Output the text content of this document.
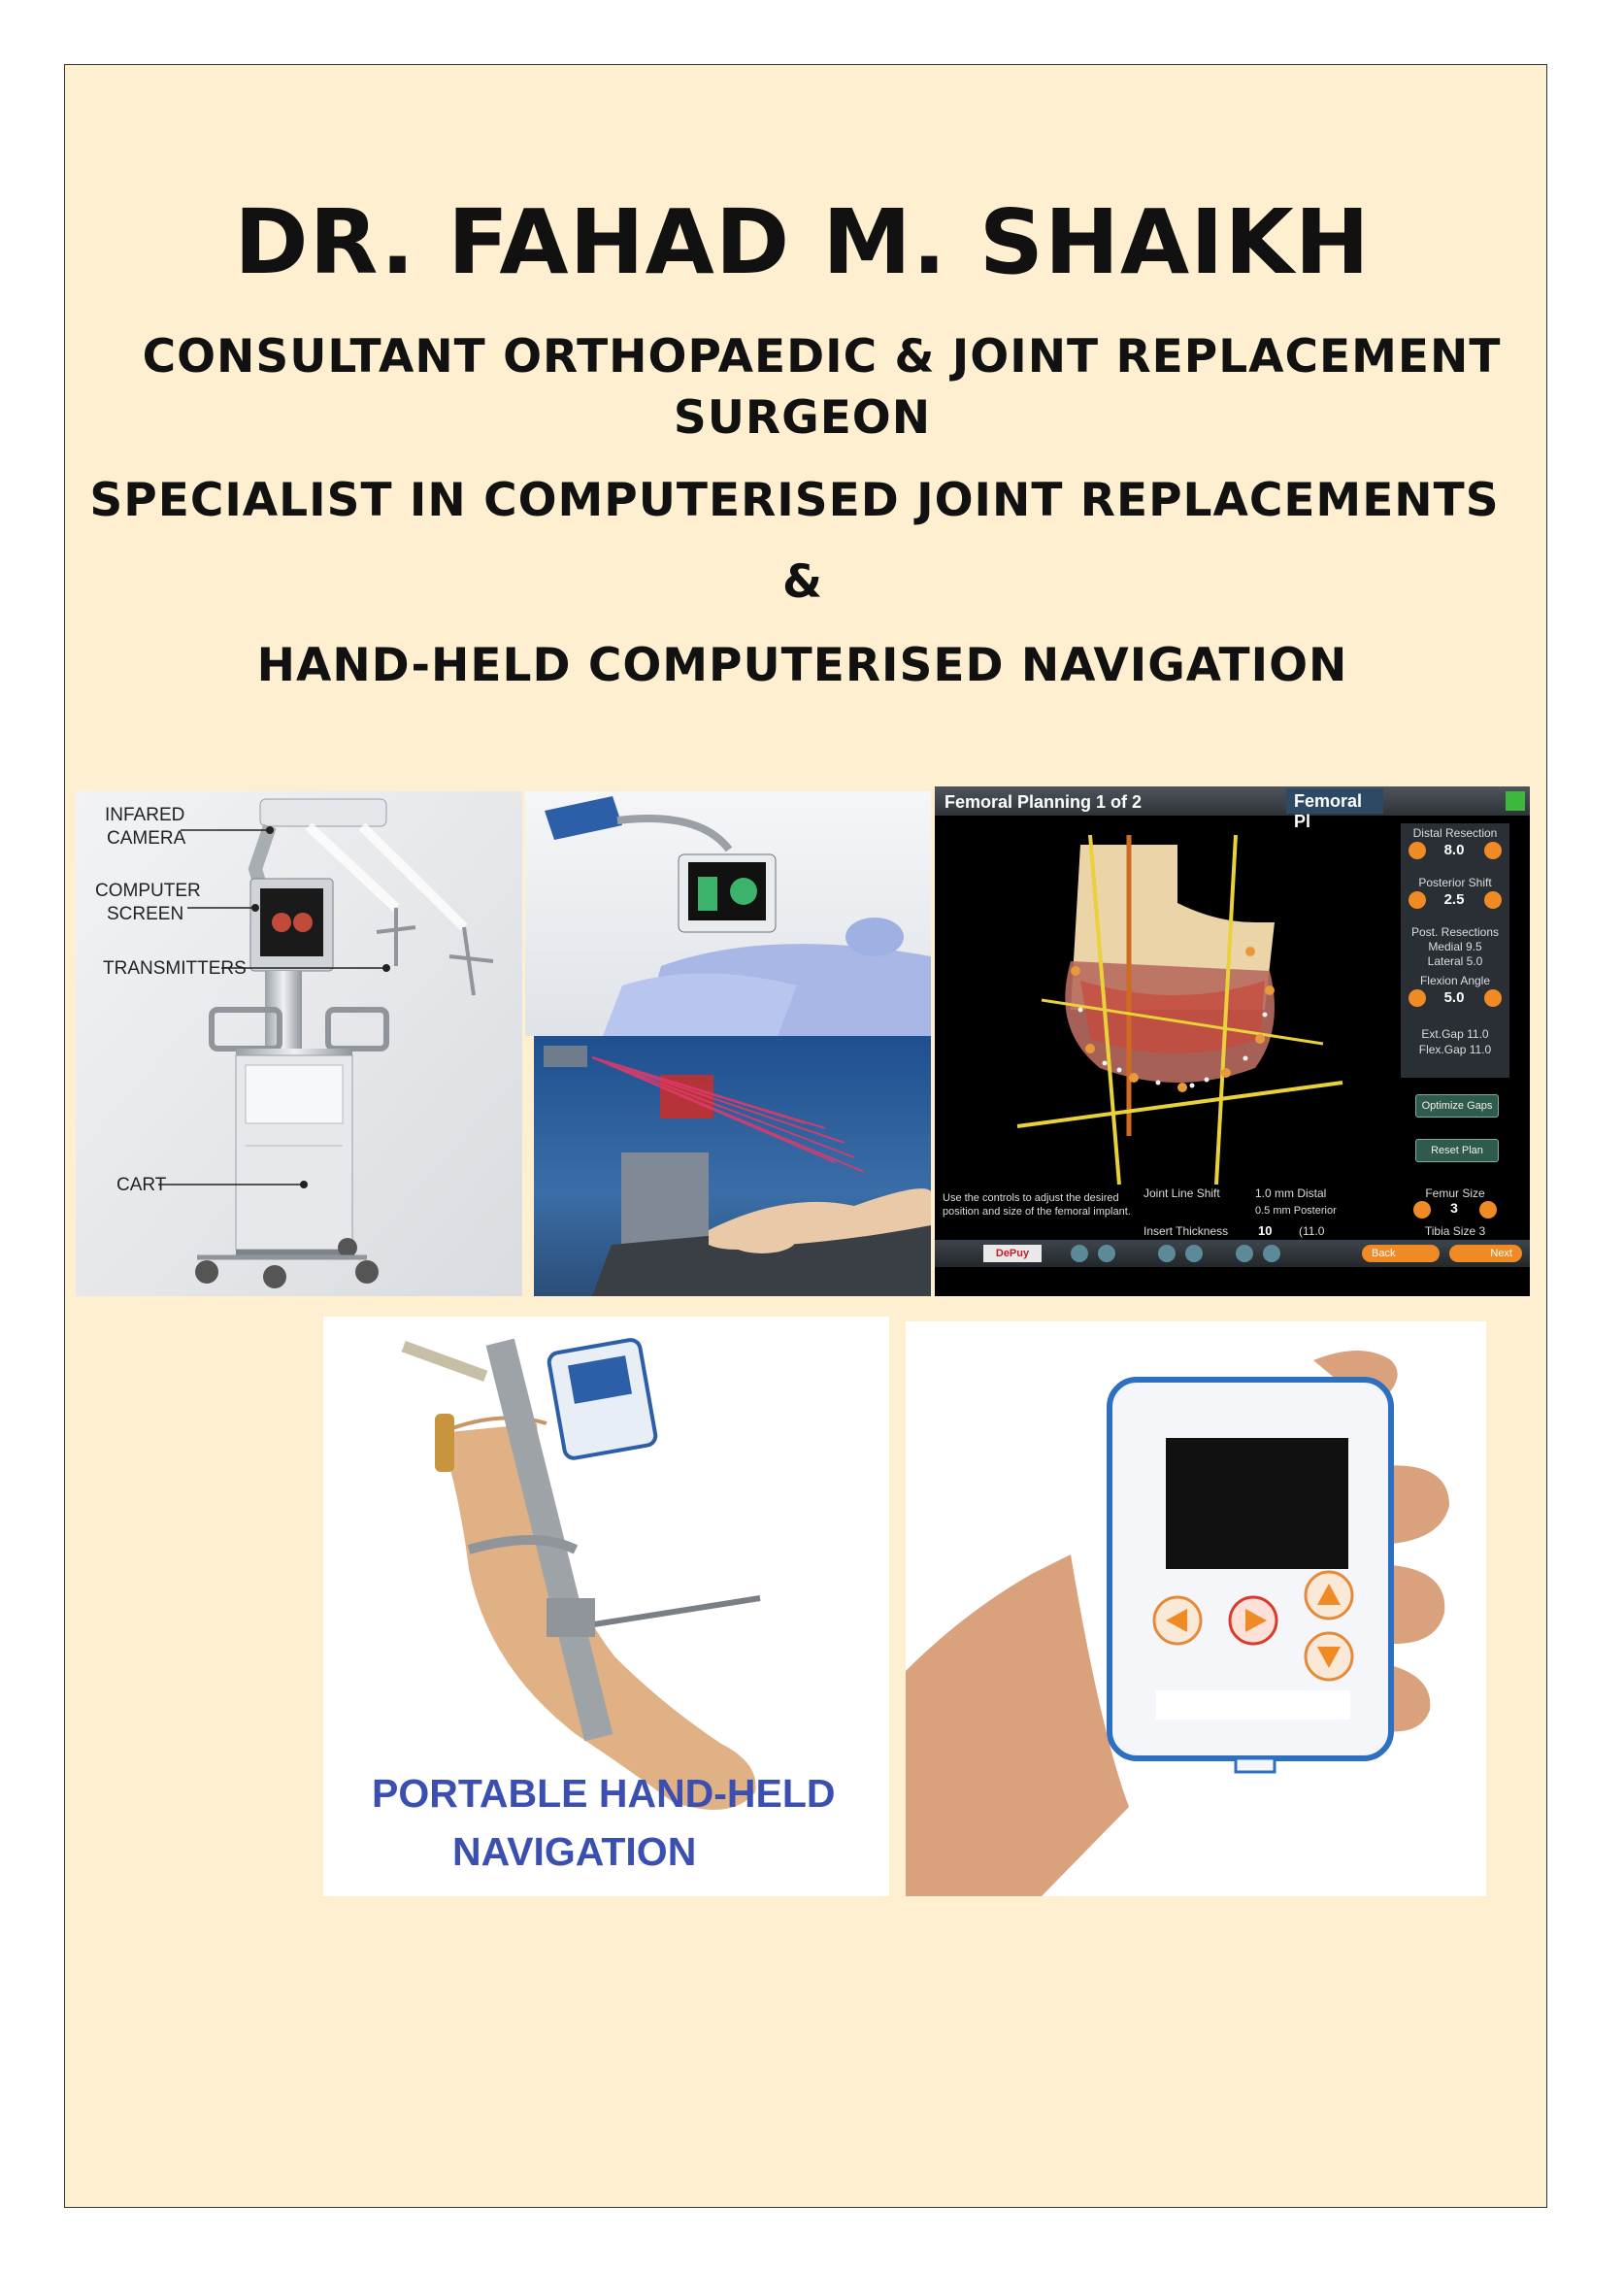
DR. FAHAD M. SHAIKH
CONSULTANT ORTHOPAEDIC & JOINT REPLACEMENT
SURGEON
SPECIALIST IN COMPUTERISED JOINT REPLACEMENTS
&
HAND-HELD COMPUTERISED NAVIGATION
INFARED
CAMERA
COMPUTER
SCREEN
TRANSMITTERS
CART
Femoral Planning 1 of 2	Femoral Pl
Distal Resection
8.0
Posterior Shift
2.5
Post. Resections
Medial 9.5
Lateral 5.0
Flexion Angle
5.0
Ext.Gap 11.0
Flex.Gap 11.0
Optimize Gaps
Reset Plan
Use the controls to adjust the desired
position and size of the femoral implant.
Joint Line Shift	1.0 mm Distal
0.5 mm Posterior
Insert Thickness 10 (11.0
Femur Size
3
Tibia Size 3
DePuy	Back	Next
PORTABLE HAND-HELD
NAVIGATION
